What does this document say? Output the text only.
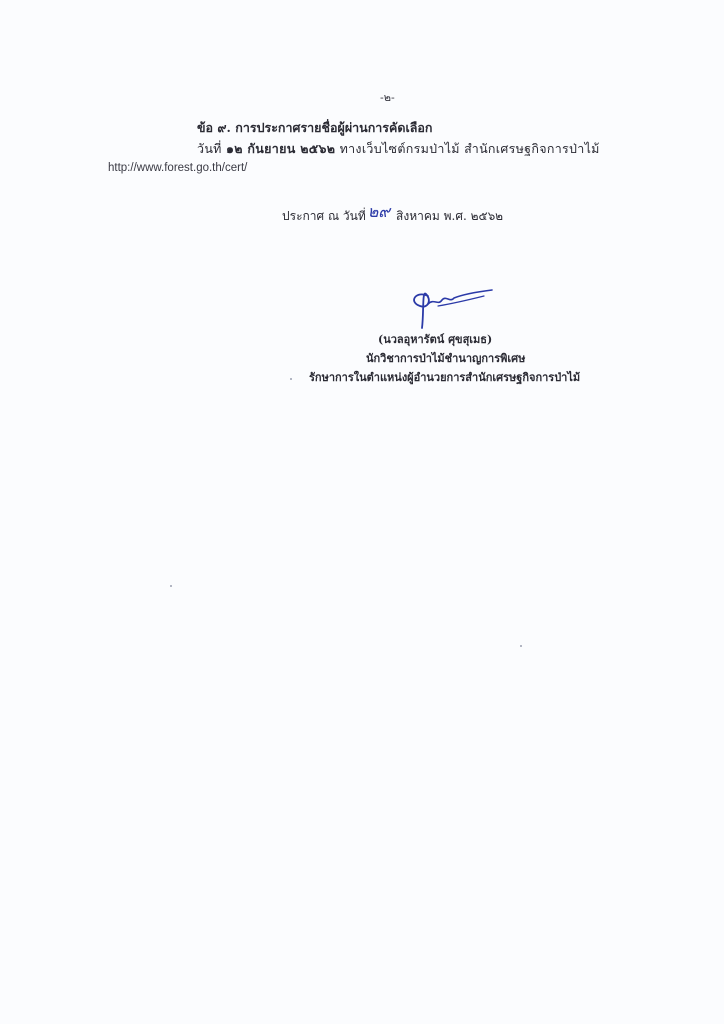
-๒-
ข้อ ๙. การประกาศรายชื่อผู้ผ่านการคัดเลือก
วันที่ ๑๒ กันยายน ๒๕๖๒ ทางเว็บไซต์กรมป่าไม้ สำนักเศรษฐกิจการป่าไม้
http://www.forest.go.th/cert/
ประกาศ ณ วันที่ ๒๙ สิงหาคม พ.ศ. ๒๕๖๒
(นวลอุหารัตน์ ศุขสุเมธ)
นักวิชาการป่าไม้ชำนาญการพิเศษ
รักษาการในตำแหน่งผู้อำนวยการสำนักเศรษฐกิจการป่าไม้
